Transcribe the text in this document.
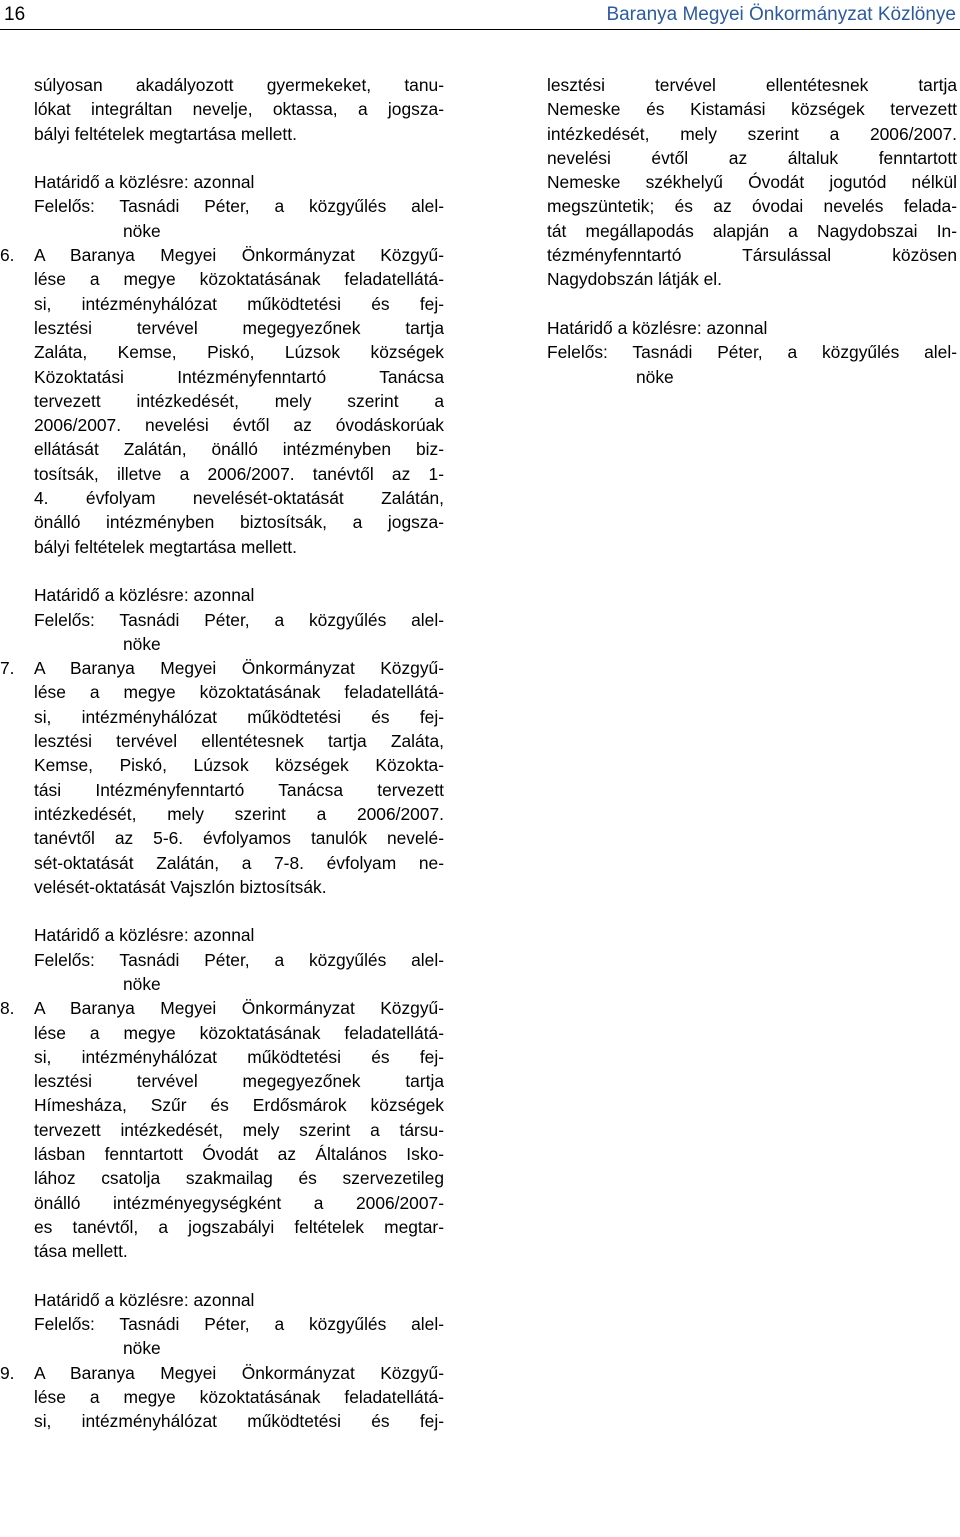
16	Baranya Megyei Önkormányzat Közlönye
súlyosan akadályozott gyermekeket, tanu-
lókat integráltan nevelje, oktassa, a jogsza-
bályi feltételek megtartása mellett.
Határidő a közlésre: azonnal
Felelős: Tasnádi Péter, a közgyűlés alel-
nöke
6. A Baranya Megyei Önkormányzat Közgyű-
lése a megye közoktatásának feladatellátá-
si, intézményhálózat működtetési és fej-
lesztési tervével megegyezőnek tartja
Zaláta, Kemse, Piskó, Lúzsok községek
Közoktatási Intézményfenntartó Tanácsa
tervezett intézkedését, mely szerint a
2006/2007. nevelési évtől az óvodáskorúak
ellátását Zalátán, önálló intézményben biz-
tosítsák, illetve a 2006/2007. tanévtől az 1-
4. évfolyam nevelését-oktatását Zalátán,
önálló intézményben biztosítsák, a jogsza-
bályi feltételek megtartása mellett.
Határidő a közlésre: azonnal
Felelős: Tasnádi Péter, a közgyűlés alel-
nöke
7. A Baranya Megyei Önkormányzat Közgyű-
lése a megye közoktatásának feladatellátá-
si, intézményhálózat működtetési és fej-
lesztési tervével ellentétesnek tartja Zaláta,
Kemse, Piskó, Lúzsok községek Közokta-
tási Intézményfenntartó Tanácsa tervezett
intézkedését, mely szerint a 2006/2007.
tanévtől az 5-6. évfolyamos tanulók nevelé-
sét-oktatását Zalátán, a 7-8. évfolyam ne-
velését-oktatását Vajszlón biztosítsák.
Határidő a közlésre: azonnal
Felelős: Tasnádi Péter, a közgyűlés alel-
nöke
8. A Baranya Megyei Önkormányzat Közgyű-
lése a megye közoktatásának feladatellátá-
si, intézményhálózat működtetési és fej-
lesztési tervével megegyezőnek tartja
Hímesháza, Szűr és Erdősmárok községek
tervezett intézkedését, mely szerint a társu-
lásban fenntartott Óvodát az Általános Isko-
lához csatolja szakmailag és szervezetileg
önálló intézményegységként a 2006/2007-
es tanévtől, a jogszabályi feltételek megtar-
tása mellett.
Határidő a közlésre: azonnal
Felelős: Tasnádi Péter, a közgyűlés alel-
nöke
9. A Baranya Megyei Önkormányzat Közgyű-
lése a megye közoktatásának feladatellátá-
si, intézményhálózat működtetési és fej-
lesztési tervével ellentétesnek tartja
Nemeske és Kistamási községek tervezett
intézkedését, mely szerint a 2006/2007.
nevelési évtől az általuk fenntartott
Nemeske székhelyű Óvodát jogutód nélkül
megszüntetik; és az óvodai nevelés felada-
tát megállapodás alapján a Nagydobszai In-
tézményfenntartó Társulással közösen
Nagydobszán látják el.
Határidő a közlésre: azonnal
Felelős: Tasnádi Péter, a közgyűlés alel-
nöke
